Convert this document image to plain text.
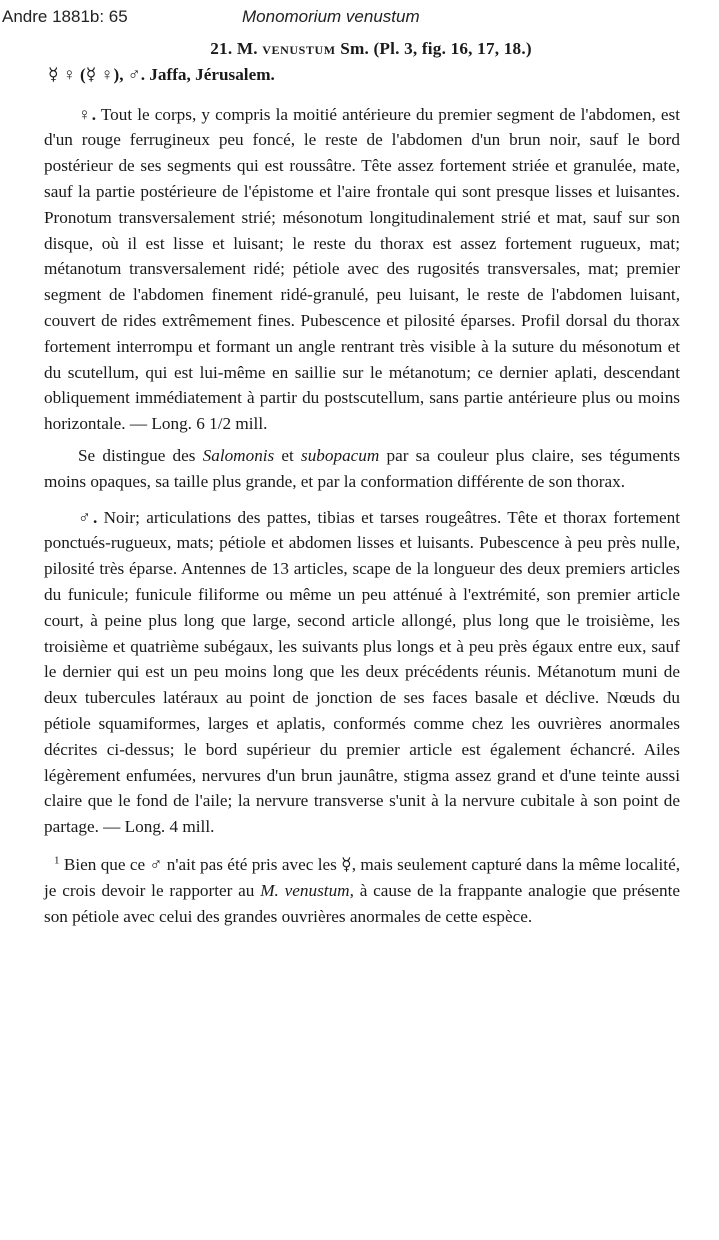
Andre 1881b: 65	Monomorium venustum
21. M. venustum Sm. (Pl. 3, fig. 16, 17, 18.)
☿ ♀ (☿ ♀), ♂. Jaffa, Jérusalem.

♀. Tout le corps, y compris la moitié antérieure du premier segment de l'abdomen, est d'un rouge ferrugineux peu foncé, le reste de l'abdomen d'un brun noir, sauf le bord postérieur de ses segments qui est roussâtre. Tête assez fortement striée et granulée, mate, sauf la partie postérieure de l'épistome et l'aire frontale qui sont presque lisses et luisantes. Pronotum transversalement strié; mésonotum longitudinalement strié et mat, sauf sur son disque, où il est lisse et luisant; le reste du thorax est assez fortement rugueux, mat; métanotum transversalement ridé; pétiole avec des rugosités transversales, mat; premier segment de l'abdomen finement ridé-granulé, peu luisant, le reste de l'abdomen luisant, couvert de rides extrêmement fines. Pubescence et pilosité éparses. Profil dorsal du thorax fortement interrompu et formant un angle rentrant très visible à la suture du mésonotum et du scutellum, qui est lui-même en saillie sur le métanotum; ce dernier aplati, descendant obliquement immédiatement à partir du postscutellum, sans partie antérieure plus ou moins horizontale. — Long. 6 1/2 mill.

Se distingue des Salomonis et subopacum par sa couleur plus claire, ses téguments moins opaques, sa taille plus grande, et par la conformation différente de son thorax.

♂. Noir; articulations des pattes, tibias et tarses rougeâtres. Tête et thorax fortement ponctués-rugueux, mats; pétiole et abdomen lisses et luisants. Pubescence à peu près nulle, pilosité très éparse. Antennes de 13 articles, scape de la longueur des deux premiers articles du funicule; funicule filiforme ou même un peu atténué à l'extrémité, son premier article court, à peine plus long que large, second article allongé, plus long que le troisième, les troisième et quatrième subégaux, les suivants plus longs et à peu près égaux entre eux, sauf le dernier qui est un peu moins long que les deux précédents réunis. Métanotum muni de deux tubercules latéraux au point de jonction de ses faces basale et déclive. Nœuds du pétiole squamiformes, larges et aplatis, conformés comme chez les ouvrières anormales décrites ci-dessus; le bord supérieur du premier article est également échancré. Ailes légèrement enfumées, nervures d'un brun jaunâtre, stigma assez grand et d'une teinte aussi claire que le fond de l'aile; la nervure transverse s'unit à la nervure cubitale à son point de partage. — Long. 4 mill.

$^1$ Bien que ce ♂ n'ait pas été pris avec les ☿, mais seulement capturé dans la même localité, je crois devoir le rapporter au M. venustum, à cause de la frappante analogie que présente son pétiole avec celui des grandes ouvrières anormales de cette espèce.
